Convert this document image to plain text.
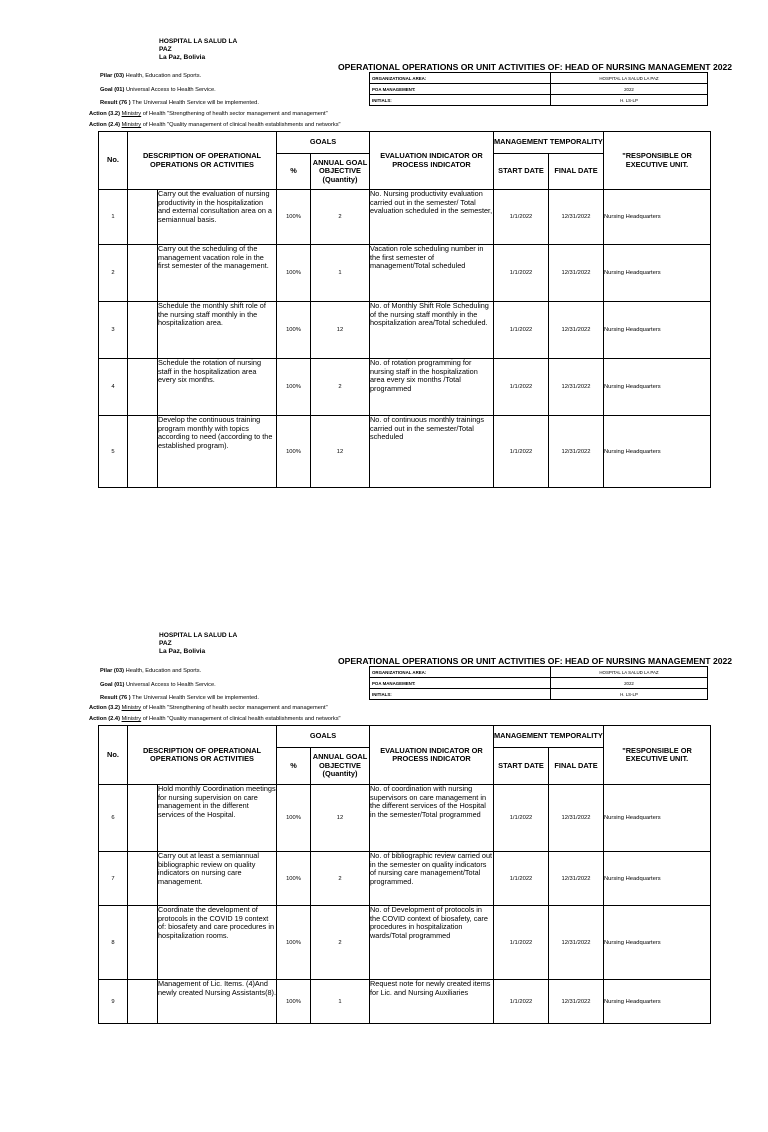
HOSPITAL LA SALUD LA
PAZ
La Paz, Bolivia
OPERATIONAL OPERATIONS OR UNIT ACTIVITIES OF: HEAD OF NURSING MANAGEMENT 2022
Pilar (03) Health, Education and Sports.
Goal (01) Universal Access to Health Service.
Result (76 ) The Universal Health Service will be implemented.
Action (3.2) Ministry of Health "Strengthening of health sector management and management"
Action (2.4) Ministry of Health "Quality management of clinical health establishments and networks"
ORGANIZATIONAL AREA:	HOSPITAL LA SALUD LA PAZ
POA MANAGEMENT:	2022
INITIALS:	H. LS-LP
No.	DESCRIPTION OF OPERATIONAL OPERATIONS OR ACTIVITIES		GOALS		EVALUATION INDICATOR OR PROCESS INDICATOR	MANAGEMENT TEMPORALITY		"RESPONSIBLE OR EXECUTIVE UNIT.
			%	ANNUAL GOAL OBJECTIVE (Quantity)		START DATE	FINAL DATE	
1		Carry out the evaluation of nursing productivity in the hospitalization and external consultation area on a semiannual basis.	100%	2	No. Nursing productivity evaluation carried out in the semester/ Total evaluation scheduled in the semester,	1/1/2022	12/31/2022	Nursing Headquarters
2		Carry out the scheduling of the management vacation role in the first semester of the management.	100%	1	Vacation role scheduling number in the first semester of management/Total scheduled	1/1/2022	12/31/2022	Nursing Headquarters
3		Schedule the monthly shift role of the nursing staff monthly in the hospitalization area.	100%	12	No. of Monthly Shift Role Scheduling of the nursing staff monthly in the hospitalization area/Total scheduled.	1/1/2022	12/31/2022	Nursing Headquarters
4		Schedule the rotation of nursing staff in the hospitalization area every six months.	100%	2	No. of rotation programming for nursing staff in the hospitalization area every six months /Total programmed	1/1/2022	12/31/2022	Nursing Headquarters
5		Develop the continuous training program monthly with topics according to need (according to the established program).	100%	12	No. of continuous monthly trainings carried out in the semester/Total scheduled	1/1/2022	12/31/2022	Nursing Headquarters
HOSPITAL LA SALUD LA
PAZ
La Paz, Bolivia
OPERATIONAL OPERATIONS OR UNIT ACTIVITIES OF: HEAD OF NURSING MANAGEMENT 2022
Pilar (03) Health, Education and Sports.
Goal (01) Universal Access to Health Service.
Result (76 ) The Universal Health Service will be implemented.
Action (3.2) Ministry of Health "Strengthening of health sector management and management"
Action (2.4) Ministry of Health "Quality management of clinical health establishments and networks"
ORGANIZATIONAL AREA:	HOSPITAL LA SALUD LA PAZ
POA MANAGEMENT:	2022
INITIALS:	H. LS-LP
No.	DESCRIPTION OF OPERATIONAL OPERATIONS OR ACTIVITIES		GOALS		EVALUATION INDICATOR OR PROCESS INDICATOR	MANAGEMENT TEMPORALITY		"RESPONSIBLE OR EXECUTIVE UNIT.
			%	ANNUAL GOAL OBJECTIVE (Quantity)		START DATE	FINAL DATE	
6		Hold monthly Coordination meetings for nursing supervision on care management in the different services of the Hospital.	100%	12	No. of coordination with nursing supervisors on care management in the different services of the Hospital in the semester/Total programmed	1/1/2022	12/31/2022	Nursing Headquarters
7		Carry out at least a semiannual bibliographic review on quality indicators on nursing care management.	100%	2	No. of bibliographic review carried out in the semester on quality indicators of nursing care management/Total programmed.	1/1/2022	12/31/2022	Nursing Headquarters
8		Coordinate the development of protocols in the COVID 19 context of: biosafety and care procedures in hospitalization rooms.	100%	2	No. of Development of protocols in the COVID context of biosafety, care procedures in hospitalization wards/Total programmed	1/1/2022	12/31/2022	Nursing Headquarters
9		Management of Lic. Items. (4)And newly created Nursing Assistants(8).	100%	1	Request note for newly created items for Lic. and Nursing Auxiliaries	1/1/2022	12/31/2022	Nursing Headquarters
